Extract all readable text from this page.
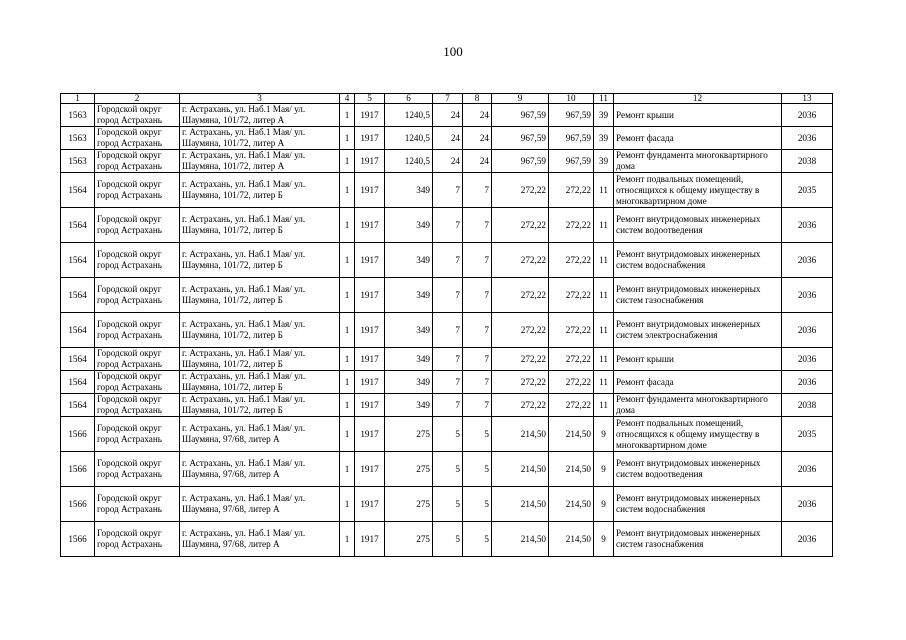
100
1	2	3	4	5	6	7	8	9	10	11	12	13
1563	Городской округ город Астрахань	г. Астрахань, ул. Наб.1 Мая/ ул. Шаумяна, 101/72, литер А	1	1917	1240,5	24	24	967,59	967,59	39	Ремонт крыши	2036
1563	Городской округ город Астрахань	г. Астрахань, ул. Наб.1 Мая/ ул. Шаумяна, 101/72, литер А	1	1917	1240,5	24	24	967,59	967,59	39	Ремонт фасада	2036
1563	Городской округ город Астрахань	г. Астрахань, ул. Наб.1 Мая/ ул. Шаумяна, 101/72, литер А	1	1917	1240,5	24	24	967,59	967,59	39	Ремонт фундамента многоквартирного дома	2038
1564	Городской округ город Астрахань	г. Астрахань, ул. Наб.1 Мая/ ул. Шаумяна, 101/72, литер Б	1	1917	349	7	7	272,22	272,22	11	Ремонт подвальных помещений, относящихся к общему имуществу в многоквартирном доме	2035
1564	Городской округ город Астрахань	г. Астрахань, ул. Наб.1 Мая/ ул. Шаумяна, 101/72, литер Б	1	1917	349	7	7	272,22	272,22	11	Ремонт внутридомовых инженерных систем водоотведения	2036
1564	Городской округ город Астрахань	г. Астрахань, ул. Наб.1 Мая/ ул. Шаумяна, 101/72, литер Б	1	1917	349	7	7	272,22	272,22	11	Ремонт внутридомовых инженерных систем водоснабжения	2036
1564	Городской округ город Астрахань	г. Астрахань, ул. Наб.1 Мая/ ул. Шаумяна, 101/72, литер Б	1	1917	349	7	7	272,22	272,22	11	Ремонт внутридомовых инженерных систем газоснабжения	2036
1564	Городской округ город Астрахань	г. Астрахань, ул. Наб.1 Мая/ ул. Шаумяна, 101/72, литер Б	1	1917	349	7	7	272,22	272,22	11	Ремонт внутридомовых инженерных систем электроснабжения	2036
1564	Городской округ город Астрахань	г. Астрахань, ул. Наб.1 Мая/ ул. Шаумяна, 101/72, литер Б	1	1917	349	7	7	272,22	272,22	11	Ремонт крыши	2036
1564	Городской округ город Астрахань	г. Астрахань, ул. Наб.1 Мая/ ул. Шаумяна, 101/72, литер Б	1	1917	349	7	7	272,22	272,22	11	Ремонт фасада	2036
1564	Городской округ город Астрахань	г. Астрахань, ул. Наб.1 Мая/ ул. Шаумяна, 101/72, литер Б	1	1917	349	7	7	272,22	272,22	11	Ремонт фундамента многоквартирного дома	2038
1566	Городской округ город Астрахань	г. Астрахань, ул. Наб.1 Мая/ ул. Шаумяна, 97/68, литер А	1	1917	275	5	5	214,50	214,50	9	Ремонт подвальных помещений, относящихся к общему имуществу в многоквартирном доме	2035
1566	Городской округ город Астрахань	г. Астрахань, ул. Наб.1 Мая/ ул. Шаумяна, 97/68, литер А	1	1917	275	5	5	214,50	214,50	9	Ремонт внутридомовых инженерных систем водоотведения	2036
1566	Городской округ город Астрахань	г. Астрахань, ул. Наб.1 Мая/ ул. Шаумяна, 97/68, литер А	1	1917	275	5	5	214,50	214,50	9	Ремонт внутридомовых инженерных систем водоснабжения	2036
1566	Городской округ город Астрахань	г. Астрахань, ул. Наб.1 Мая/ ул. Шаумяна, 97/68, литер А	1	1917	275	5	5	214,50	214,50	9	Ремонт внутридомовых инженерных систем газоснабжения	2036
